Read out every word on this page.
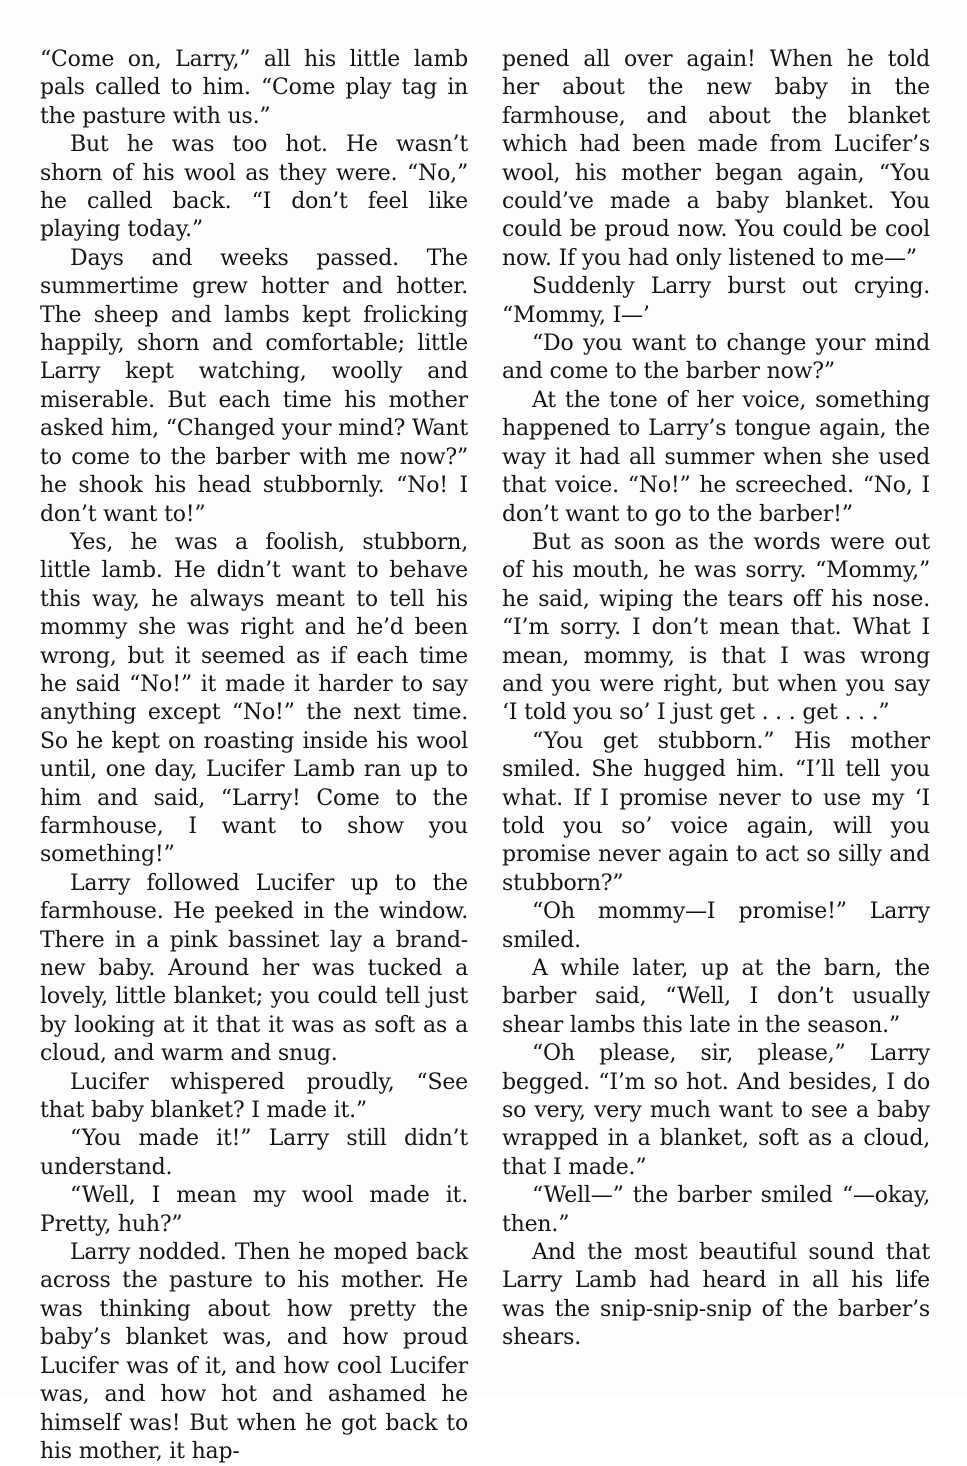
“Come on, Larry,” all his little lamb pals called to him. “Come play tag in the pasture with us.”

But he was too hot. He wasn’t shorn of his wool as they were. “No,” he called back. “I don’t feel like playing today.”

Days and weeks passed. The summertime grew hotter and hotter. The sheep and lambs kept frolicking happily, shorn and comfortable; little Larry kept watching, woolly and miserable. But each time his mother asked him, “Changed your mind? Want to come to the barber with me now?” he shook his head stubbornly. “No! I don’t want to!”

Yes, he was a foolish, stubborn, little lamb. He didn’t want to behave this way, he always meant to tell his mommy she was right and he’d been wrong, but it seemed as if each time he said “No!” it made it harder to say anything except “No!” the next time. So he kept on roasting inside his wool until, one day, Lucifer Lamb ran up to him and said, “Larry! Come to the farmhouse, I want to show you something!”

Larry followed Lucifer up to the farmhouse. He peeked in the window. There in a pink bassinet lay a brand-new baby. Around her was tucked a lovely, little blanket; you could tell just by looking at it that it was as soft as a cloud, and warm and snug.

Lucifer whispered proudly, “See that baby blanket? I made it.”

“You made it!” Larry still didn’t understand.

“Well, I mean my wool made it. Pretty, huh?”

Larry nodded. Then he moped back across the pasture to his mother. He was thinking about how pretty the baby’s blanket was, and how proud Lucifer was of it, and how cool Lucifer was, and how hot and ashamed he himself was! But when he got back to his mother, it hap-

pened all over again! When he told her about the new baby in the farmhouse, and about the blanket which had been made from Lucifer’s wool, his mother began again, “You could’ve made a baby blanket. You could be proud now. You could be cool now. If you had only listened to me—”

Suddenly Larry burst out crying. “Mommy, I—’

“Do you want to change your mind and come to the barber now?”

At the tone of her voice, something happened to Larry’s tongue again, the way it had all summer when she used that voice. “No!” he screeched. “No, I don’t want to go to the barber!”

But as soon as the words were out of his mouth, he was sorry. “Mommy,” he said, wiping the tears off his nose. “I’m sorry. I don’t mean that. What I mean, mommy, is that I was wrong and you were right, but when you say ‘I told you so’ I just get . . . get . . .”

“You get stubborn.” His mother smiled. She hugged him. “I’ll tell you what. If I promise never to use my ‘I told you so’ voice again, will you promise never again to act so silly and stubborn?”

“Oh mommy—I promise!” Larry smiled.

A while later, up at the barn, the barber said, “Well, I don’t usually shear lambs this late in the season.”

“Oh please, sir, please,” Larry begged. “I’m so hot. And besides, I do so very, very much want to see a baby wrapped in a blanket, soft as a cloud, that I made.”

“Well—” the barber smiled “—okay, then.”

And the most beautiful sound that Larry Lamb had heard in all his life was the snip-snip-snip of the barber’s shears.
